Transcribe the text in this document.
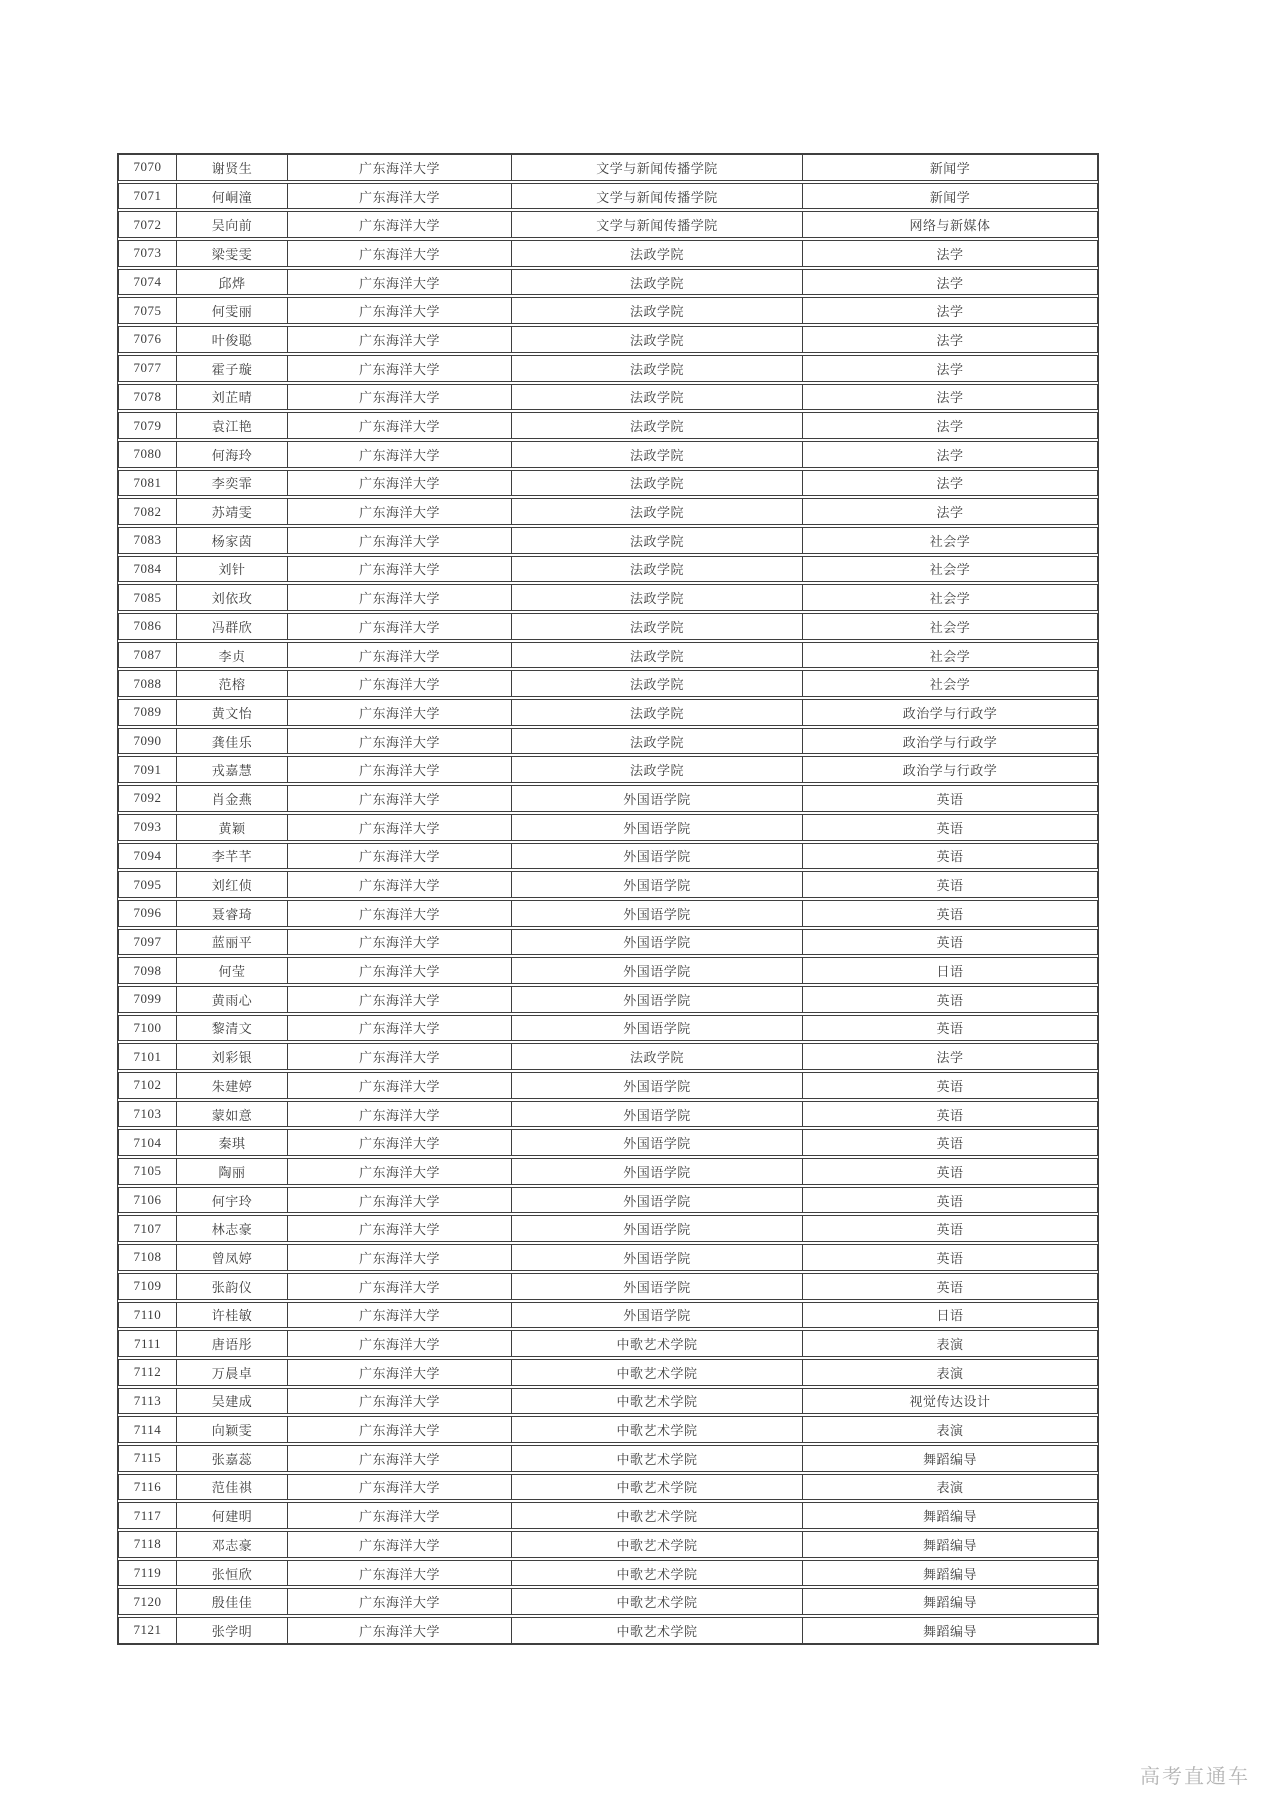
7070	谢贤生	广东海洋大学	文学与新闻传播学院	新闻学
7071	何峒潼	广东海洋大学	文学与新闻传播学院	新闻学
7072	吴向前	广东海洋大学	文学与新闻传播学院	网络与新媒体
7073	梁雯雯	广东海洋大学	法政学院	法学
7074	邱烨	广东海洋大学	法政学院	法学
7075	何雯丽	广东海洋大学	法政学院	法学
7076	叶俊聪	广东海洋大学	法政学院	法学
7077	霍子璇	广东海洋大学	法政学院	法学
7078	刘芷晴	广东海洋大学	法政学院	法学
7079	袁江艳	广东海洋大学	法政学院	法学
7080	何海玲	广东海洋大学	法政学院	法学
7081	李奕霏	广东海洋大学	法政学院	法学
7082	苏靖雯	广东海洋大学	法政学院	法学
7083	杨家茵	广东海洋大学	法政学院	社会学
7084	刘针	广东海洋大学	法政学院	社会学
7085	刘依玫	广东海洋大学	法政学院	社会学
7086	冯群欣	广东海洋大学	法政学院	社会学
7087	李贞	广东海洋大学	法政学院	社会学
7088	范榕	广东海洋大学	法政学院	社会学
7089	黄文怡	广东海洋大学	法政学院	政治学与行政学
7090	龚佳乐	广东海洋大学	法政学院	政治学与行政学
7091	戎嘉慧	广东海洋大学	法政学院	政治学与行政学
7092	肖金燕	广东海洋大学	外国语学院	英语
7093	黄颖	广东海洋大学	外国语学院	英语
7094	李芊芊	广东海洋大学	外国语学院	英语
7095	刘红侦	广东海洋大学	外国语学院	英语
7096	聂睿琦	广东海洋大学	外国语学院	英语
7097	蓝丽平	广东海洋大学	外国语学院	英语
7098	何莹	广东海洋大学	外国语学院	日语
7099	黄雨心	广东海洋大学	外国语学院	英语
7100	黎清文	广东海洋大学	外国语学院	英语
7101	刘彩银	广东海洋大学	法政学院	法学
7102	朱建婷	广东海洋大学	外国语学院	英语
7103	蒙如意	广东海洋大学	外国语学院	英语
7104	秦琪	广东海洋大学	外国语学院	英语
7105	陶丽	广东海洋大学	外国语学院	英语
7106	何宇玲	广东海洋大学	外国语学院	英语
7107	林志豪	广东海洋大学	外国语学院	英语
7108	曾凤婷	广东海洋大学	外国语学院	英语
7109	张韵仪	广东海洋大学	外国语学院	英语
7110	许桂敏	广东海洋大学	外国语学院	日语
7111	唐语彤	广东海洋大学	中歌艺术学院	表演
7112	万晨卓	广东海洋大学	中歌艺术学院	表演
7113	吴建成	广东海洋大学	中歌艺术学院	视觉传达设计
7114	向颖雯	广东海洋大学	中歌艺术学院	表演
7115	张嘉蕊	广东海洋大学	中歌艺术学院	舞蹈编导
7116	范佳祺	广东海洋大学	中歌艺术学院	表演
7117	何建明	广东海洋大学	中歌艺术学院	舞蹈编导
7118	邓志豪	广东海洋大学	中歌艺术学院	舞蹈编导
7119	张恒欣	广东海洋大学	中歌艺术学院	舞蹈编导
7120	殷佳佳	广东海洋大学	中歌艺术学院	舞蹈编导
7121	张学明	广东海洋大学	中歌艺术学院	舞蹈编导
高考直通车
